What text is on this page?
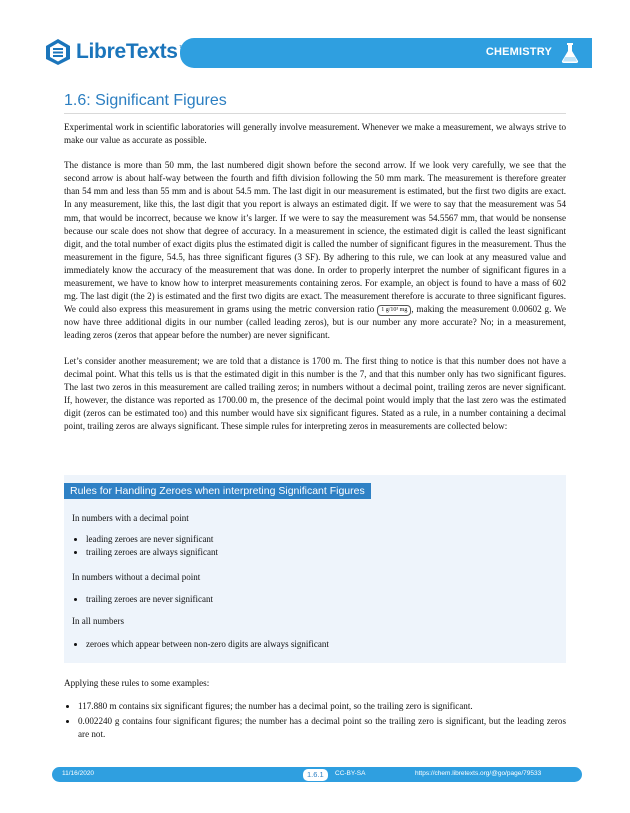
LibreTexts	CHEMISTRY
1.6: Significant Figures

Experimental work in scientific laboratories will generally involve measurement. Whenever we make a measurement, we always strive to make our value as accurate as possible.

The distance is more than 50 mm, the last numbered digit shown before the second arrow. If we look very carefully, we see that the second arrow is about half-way between the fourth and fifth division following the 50 mm mark. The measurement is therefore greater than 54 mm and less than 55 mm and is about 54.5 mm. The last digit in our measurement is estimated, but the first two digits are exact. In any measurement, like this, the last digit that you report is always an estimated digit. If we were to say that the measurement was 54 mm, that would be incorrect, because we know it’s larger. If we were to say the measurement was 54.5567 mm, that would be nonsense because our scale does not show that degree of accuracy. In a measurement in science, the estimated digit is called the least significant digit, and the total number of exact digits plus the estimated digit is called the number of significant figures in the measurement. Thus the measurement in the figure, 54.5, has three significant figures (3 SF). By adhering to this rule, we can look at any measured value and immediately know the accuracy of the measurement that was done. In order to properly interpret the number of significant figures in a measurement, we have to know how to interpret measurements containing zeros. For example, an object is found to have a mass of 602 mg. The last digit (the 2) is estimated and the first two digits are exact. The measurement therefore is accurate to three significant figures. We could also express this measurement in grams using the metric conversion ratio 1 g/10³ mg , making the measurement 0.00602 g. We now have three additional digits in our number (called leading zeros), but is our number any more accurate? No; in a measurement, leading zeros (zeros that appear before the number) are never significant.

Let’s consider another measurement; we are told that a distance is 1700 m. The first thing to notice is that this number does not have a decimal point. What this tells us is that the estimated digit in this number is the 7, and that this number only has two significant figures. The last two zeros in this measurement are called trailing zeros; in numbers without a decimal point, trailing zeros are never significant. If, however, the distance was reported as 1700.00 m, the presence of the decimal point would imply that the last zero was the estimated digit (zeros can be estimated too) and this number would have six significant figures. Stated as a rule, in a number containing a decimal point, trailing zeros are always significant. These simple rules for interpreting zeros in measurements are collected below:

Rules for Handling Zeroes when interpreting Significant Figures
In numbers with a decimal point
• leading zeroes are never significant
• trailing zeroes are always significant
In numbers without a decimal point
• trailing zeroes are never significant
In all numbers
• zeroes which appear between non-zero digits are always significant

Applying these rules to some examples:

• 117.880 m contains six significant figures; the number has a decimal point, so the trailing zero is significant.
• 0.002240 g contains four significant figures; the number has a decimal point so the trailing zero is significant, but the leading zeros are not.
11/16/2020	1.6.1	CC-BY-SA	https://chem.libretexts.org/@go/page/79533
